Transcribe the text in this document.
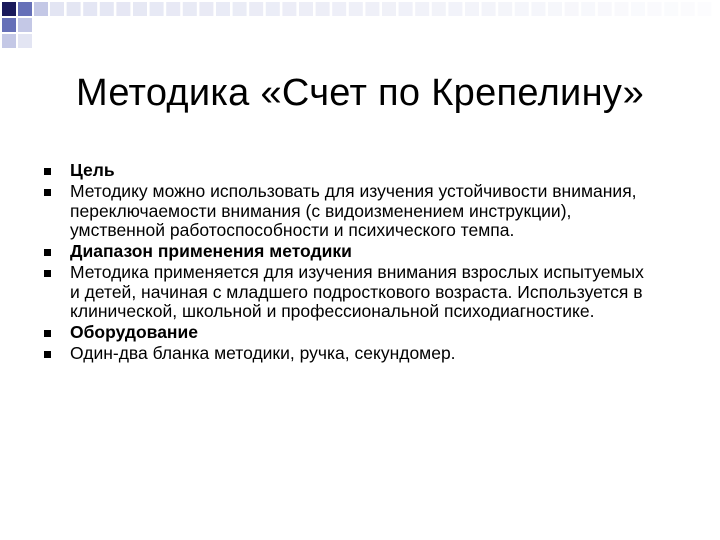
Методика «Счет по Крепелину»
Цель
Методику можно использовать для изучения устойчивости внимания, переключаемости внимания (с видоизменением инструкции), умственной работоспособности и психического темпа.
Диапазон применения методики
Методика применяется для изучения внимания взрослых испытуемых и детей, начиная с младшего подросткового возраста. Используется в клинической, школьной и профессиональной психодиагностике.
Оборудование
Один-два бланка методики, ручка, секундомер.
